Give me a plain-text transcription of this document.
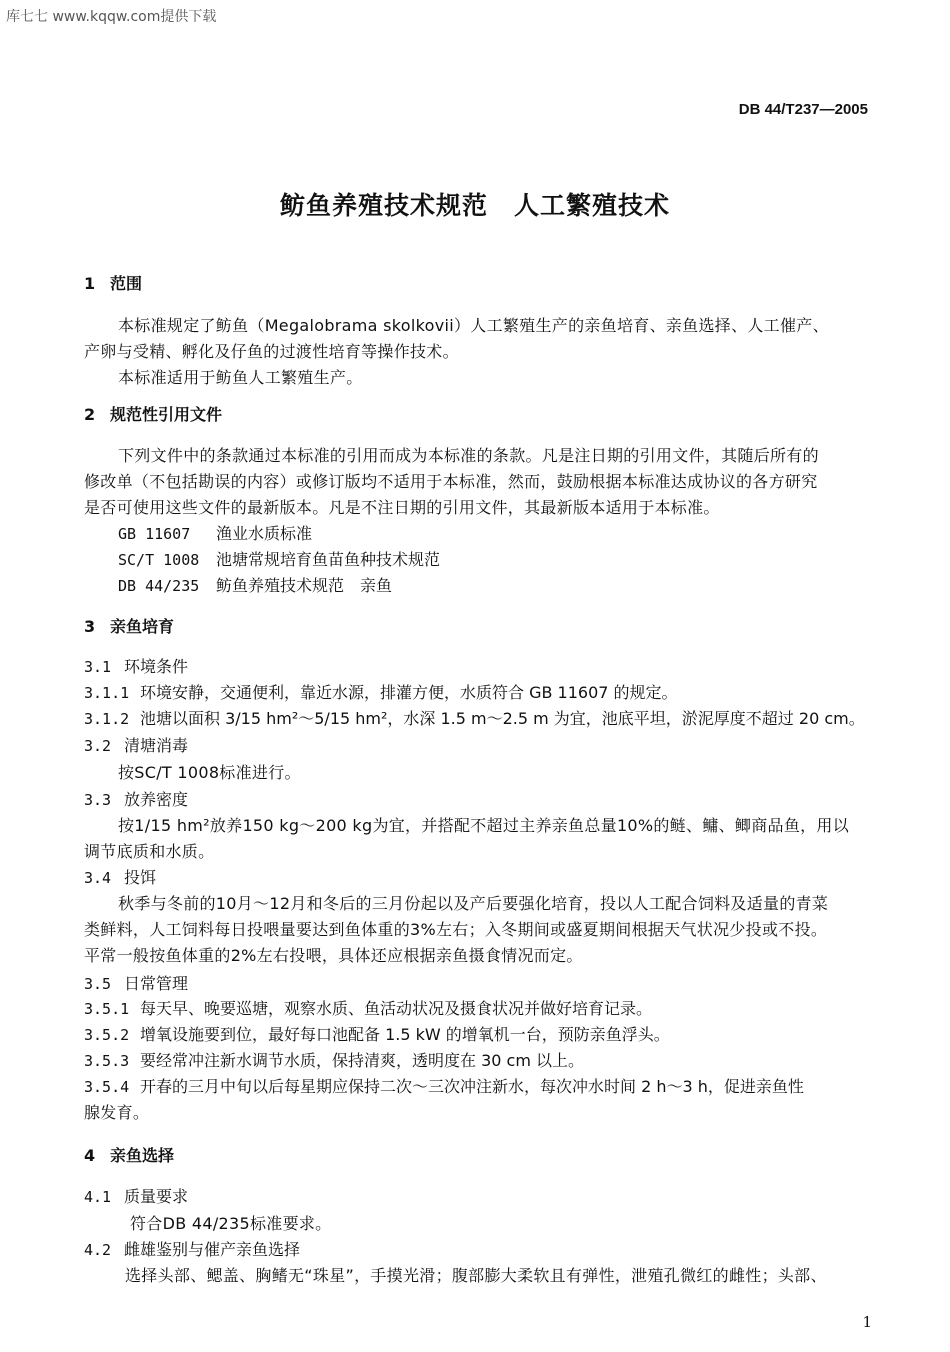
库七七 www.kqqw.com提供下载
DB 44/T237—2005
鲂鱼养殖技术规范　人工繁殖技术
1 范围
本标准规定了鲂鱼（Megalobrama skolkovii）人工繁殖生产的亲鱼培育、亲鱼选择、人工催产、
产卵与受精、孵化及仔鱼的过渡性培育等操作技术。
本标准适用于鲂鱼人工繁殖生产。
2 规范性引用文件
下列文件中的条款通过本标准的引用而成为本标准的条款。凡是注日期的引用文件，其随后所有的
修改单（不包括勘误的内容）或修订版均不适用于本标准，然而，鼓励根据本标准达成协议的各方研究
是否可使用这些文件的最新版本。凡是不注日期的引用文件，其最新版本适用于本标准。
GB 11607 渔业水质标准
SC/T 1008 池塘常规培育鱼苗鱼种技术规范
DB 44/235 鲂鱼养殖技术规范　亲鱼
3 亲鱼培育
3.1 环境条件
3.1.1 环境安静，交通便利，靠近水源，排灌方便，水质符合 GB 11607 的规定。
3.1.2 池塘以面积 3/15 hm²～5/15 hm²，水深 1.5 m～2.5 m 为宜，池底平坦，淤泥厚度不超过 20 cm。
3.2 清塘消毒
按SC/T 1008标准进行。
3.3 放养密度
按1/15 hm²放养150 kg～200 kg为宜，并搭配不超过主养亲鱼总量10%的鲢、鳙、鲫商品鱼，用以
调节底质和水质。
3.4 投饵
秋季与冬前的10月～12月和冬后的三月份起以及产后要强化培育，投以人工配合饲料及适量的青菜
类鲜料，人工饲料每日投喂量要达到鱼体重的3%左右；入冬期间或盛夏期间根据天气状况少投或不投。
平常一般按鱼体重的2%左右投喂，具体还应根据亲鱼摄食情况而定。
3.5 日常管理
3.5.1 每天早、晚要巡塘，观察水质、鱼活动状况及摄食状况并做好培育记录。
3.5.2 增氧设施要到位，最好每口池配备 1.5 kW 的增氧机一台，预防亲鱼浮头。
3.5.3 要经常冲注新水调节水质，保持清爽，透明度在 30 cm 以上。
3.5.4 开春的三月中旬以后每星期应保持二次～三次冲注新水，每次冲水时间 2 h～3 h，促进亲鱼性
腺发育。
4 亲鱼选择
4.1 质量要求
符合DB 44/235标准要求。
4.2 雌雄鉴别与催产亲鱼选择
选择头部、鳃盖、胸鳍无“珠星”，手摸光滑；腹部膨大柔软且有弹性，泄殖孔微红的雌性；头部、
1
